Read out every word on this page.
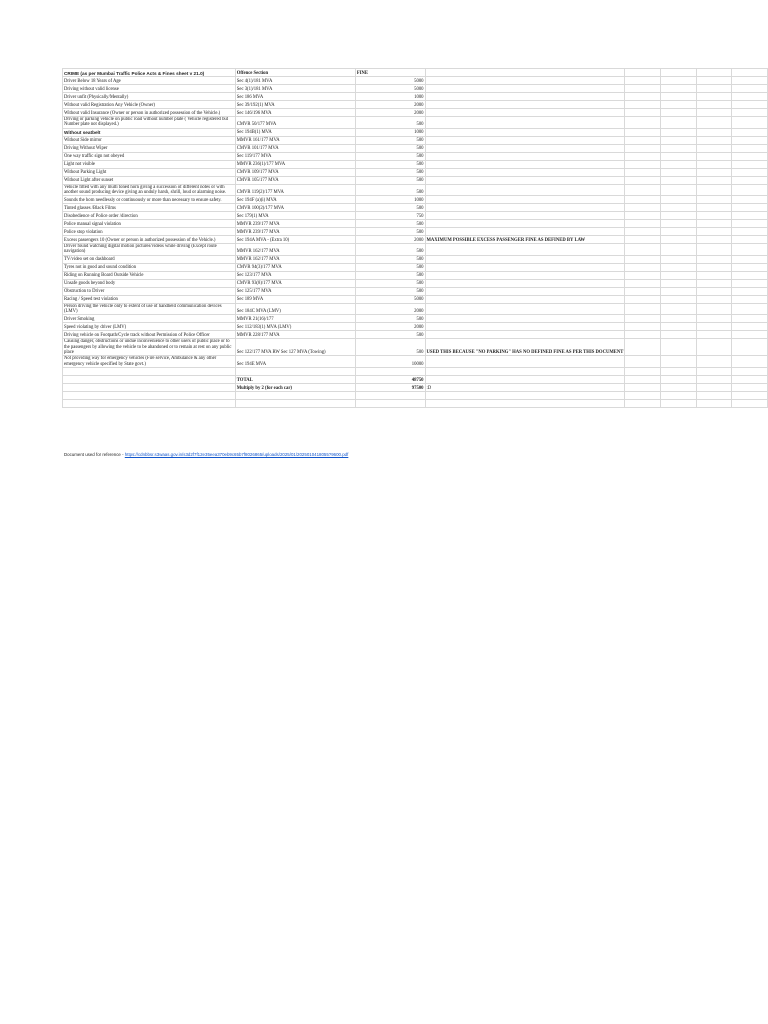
CRIME (as per Mumbai Traffic Police Acts & Fines sheet v 21.0)	Offence Section	FINE					
Driver Below 18 Years of Age	Sec 4(1)/181 MVA	5000					
Driving without valid license	Sec 3(1)/181 MVA	5000					
Driver unfit (Physically/Mentally)	Sec 186 MVA	1000					
Without valid Registration Any Vehicle (Owner)	Sec 39/192(1) MVA	2000					
Without valid Insurance (Owner or person in authorized possession of the Vehicle.)	Sec 146/196 MVA	2000					
Driving or parking vehicle on public road without number plate ( Vehicle registered but Number plate not displayed.)	CMVR 50/177 MVA	500					
Without seatbelt	Sec 194B(1) MVA	1000					
Without Side mirror	MMVR 161/177 MVA	500					
Driving Without Wiper	CMVR 101/177 MVA	500					
One way traffic sign not obeyed	Sec 119/177 MVA	500					
Light not visible	MMVR 236(1)/177 MVA	500					
Without Parking Light	CMVR 109/177 MVA	500					
Without Light after sunset	CMVR 105/177 MVA	500					
Vehicle fitted with any multi toned horn giving a succession of different notes or with another sound producing device giving an unduly harsh, shrill, loud or alarming noise.	CMVR 119(2)/177 MVA	500					
Sounds the horn needlessly or continuously or more than necessary to ensure safety.	Sec 194F (a)(i) MVA	1000					
Tinted glasses /Black Films	CMVR 100(2)/177 MVA	500					
Disobedience of Police order /direction	Sec 179(1) MVA	750					
Police manual signal violation	MMVR 239/177 MVA	500					
Police stop violation	MMVR 239/177 MVA	500					
Excess passengers 10 (Owner or person in authorized possession of the Vehicle.)	Sec 194A MVA - (Extra 10)	2000	MAXIMUM POSSIBLE EXCESS PASSENGER FINE AS DEFINED BY LAW				
Driver found watching digital motion pictures/videos while driving (Except route navigation)	MMVR 162/177 MVA	500					
TV/video set on dashboard	MMVR 162/177 MVA	500					
Tyres not in good and sound condition	CMVR 94(3)/177 MVA	500					
Riding on Running Board Outside Vehicle	Sec 123/177 MVA	500					
Unsafe goods beyond body	CMVR 93(8)/177 MVA	500					
Obstruction to Driver	Sec 125/177 MVA	500					
Racing / Speed test violation	Sec 189 MVA	5000					
Person driving the vehicle only to extent of use of handheld communication devices (LMV)	Sec 184C MVA (LMV)	2000					
Driver Smoking	MMVR 21(16)/177	500					
Speed violating by driver (LMV)	Sec 112/183(1) MVA (LMV)	2000					
Driving vehicle on Footpath/Cycle track without Permission of Police Officer	MMVR 228/177 MVA	500					
Causing danger, obstructions or undue inconvenience to other users of public place or to the passengers by allowing the vehicle to be abandoned or to remain at rest on any public place	Sec 122/177 MVA RW Sec 127 MVA (Towing)	500	USED THIS BECAUSE "NO PARKING" HAS NO DEFINED FINE AS PER THIS DOCUMENT				
Not providing way for emergency vehicles (Fire service, Ambulance & any other emergency vehicle specified by State govt.)	Sec 194E MVA	10000					

	TOTAL	48750					
	Multiply by 2 (for each car)	97500	:D				

Document used for reference - https://cdnbbsr.s3waas.gov.in/s3d2f7f12e35eea370eb9c65b7f8026865/uploads/2025/01/2025010418055?9600.pdf
